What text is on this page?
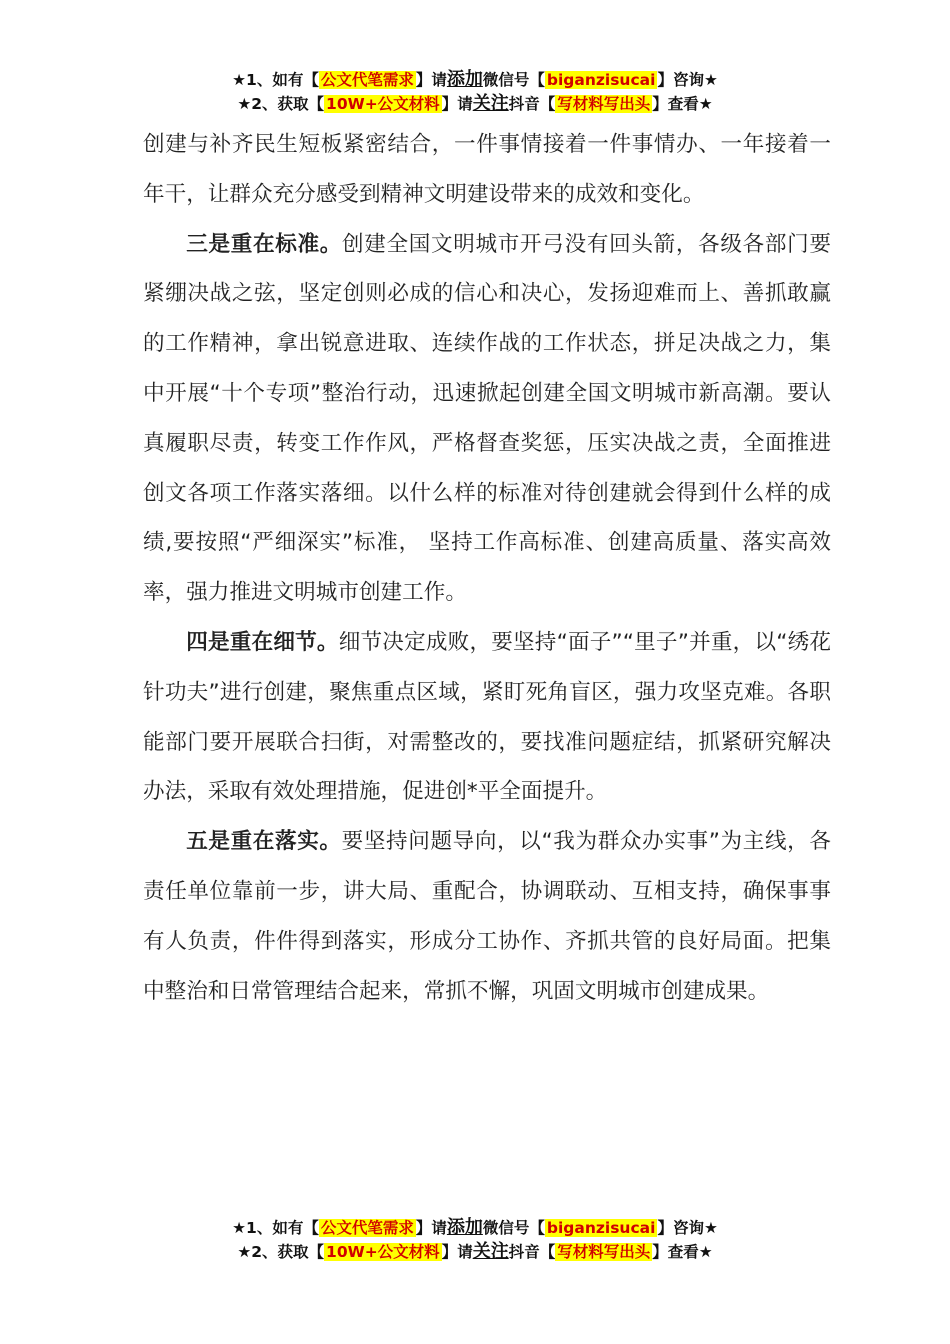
★1、如有【 公文代笔需求 】请添加微信号【 biganzisucai 】咨询★
★2、获取【 10W+公文材料 】请关注抖音【 写材料写出头 】查看★

创建与补齐民生短板紧密结合，一件事情接着一件事情办、一年接着一年干，让群众充分感受到精神文明建设带来的成效和变化。

三是重在标准。创建全国文明城市开弓没有回头箭，各级各部门要紧绷决战之弦，坚定创则必成的信心和决心，发扬迎难而上、善抓敢赢的工作精神，拿出锐意进取、连续作战的工作状态，拼足决战之力，集中开展“十个专项”整治行动，迅速掀起创建全国文明城市新高潮。要认真履职尽责，转变工作作风，严格督查奖惩，压实决战之责，全面推进创文各项工作落实落细。以什么样的标准对待创建就会得到什么样的成绩,要按照“严细深实”标准， 坚持工作高标准、创建高质量、落实高效率，强力推进文明城市创建工作。

四是重在细节。细节决定成败，要坚持“面子”“里子”并重，以“绣花针功夫”进行创建，聚焦重点区域，紧盯死角盲区，强力攻坚克难。各职能部门要开展联合扫街，对需整改的，要找准问题症结，抓紧研究解决办法，采取有效处理措施，促进创*平全面提升。

五是重在落实。要坚持问题导向，以“我为群众办实事”为主线，各责任单位靠前一步，讲大局、重配合，协调联动、互相支持，确保事事有人负责，件件得到落实，形成分工协作、齐抓共管的良好局面。把集中整治和日常管理结合起来，常抓不懈，巩固文明城市创建成果。

★1、如有【 公文代笔需求 】请添加微信号【 biganzisucai 】咨询★
★2、获取【 10W+公文材料 】请关注抖音【 写材料写出头 】查看★
